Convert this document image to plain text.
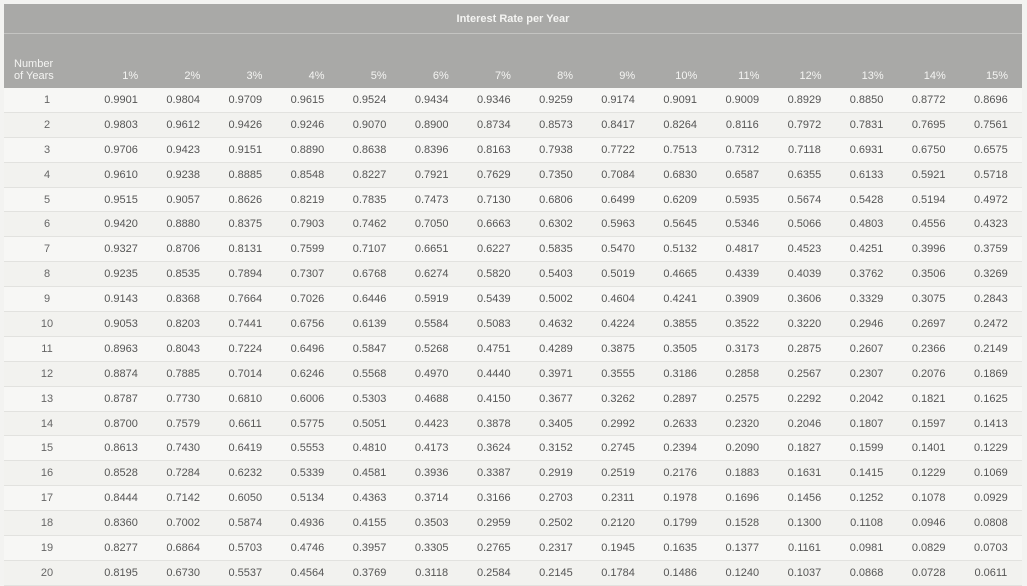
Interest Rate per Year															
Number
of Years	1%	2%	3%	4%	5%	6%	7%	8%	9%	10%	11%	12%	13%	14%	15%
1	0.9901	0.9804	0.9709	0.9615	0.9524	0.9434	0.9346	0.9259	0.9174	0.9091	0.9009	0.8929	0.8850	0.8772	0.8696
2	0.9803	0.9612	0.9426	0.9246	0.9070	0.8900	0.8734	0.8573	0.8417	0.8264	0.8116	0.7972	0.7831	0.7695	0.7561
3	0.9706	0.9423	0.9151	0.8890	0.8638	0.8396	0.8163	0.7938	0.7722	0.7513	0.7312	0.7118	0.6931	0.6750	0.6575
4	0.9610	0.9238	0.8885	0.8548	0.8227	0.7921	0.7629	0.7350	0.7084	0.6830	0.6587	0.6355	0.6133	0.5921	0.5718
5	0.9515	0.9057	0.8626	0.8219	0.7835	0.7473	0.7130	0.6806	0.6499	0.6209	0.5935	0.5674	0.5428	0.5194	0.4972
6	0.9420	0.8880	0.8375	0.7903	0.7462	0.7050	0.6663	0.6302	0.5963	0.5645	0.5346	0.5066	0.4803	0.4556	0.4323
7	0.9327	0.8706	0.8131	0.7599	0.7107	0.6651	0.6227	0.5835	0.5470	0.5132	0.4817	0.4523	0.4251	0.3996	0.3759
8	0.9235	0.8535	0.7894	0.7307	0.6768	0.6274	0.5820	0.5403	0.5019	0.4665	0.4339	0.4039	0.3762	0.3506	0.3269
9	0.9143	0.8368	0.7664	0.7026	0.6446	0.5919	0.5439	0.5002	0.4604	0.4241	0.3909	0.3606	0.3329	0.3075	0.2843
10	0.9053	0.8203	0.7441	0.6756	0.6139	0.5584	0.5083	0.4632	0.4224	0.3855	0.3522	0.3220	0.2946	0.2697	0.2472
11	0.8963	0.8043	0.7224	0.6496	0.5847	0.5268	0.4751	0.4289	0.3875	0.3505	0.3173	0.2875	0.2607	0.2366	0.2149
12	0.8874	0.7885	0.7014	0.6246	0.5568	0.4970	0.4440	0.3971	0.3555	0.3186	0.2858	0.2567	0.2307	0.2076	0.1869
13	0.8787	0.7730	0.6810	0.6006	0.5303	0.4688	0.4150	0.3677	0.3262	0.2897	0.2575	0.2292	0.2042	0.1821	0.1625
14	0.8700	0.7579	0.6611	0.5775	0.5051	0.4423	0.3878	0.3405	0.2992	0.2633	0.2320	0.2046	0.1807	0.1597	0.1413
15	0.8613	0.7430	0.6419	0.5553	0.4810	0.4173	0.3624	0.3152	0.2745	0.2394	0.2090	0.1827	0.1599	0.1401	0.1229
16	0.8528	0.7284	0.6232	0.5339	0.4581	0.3936	0.3387	0.2919	0.2519	0.2176	0.1883	0.1631	0.1415	0.1229	0.1069
17	0.8444	0.7142	0.6050	0.5134	0.4363	0.3714	0.3166	0.2703	0.2311	0.1978	0.1696	0.1456	0.1252	0.1078	0.0929
18	0.8360	0.7002	0.5874	0.4936	0.4155	0.3503	0.2959	0.2502	0.2120	0.1799	0.1528	0.1300	0.1108	0.0946	0.0808
19	0.8277	0.6864	0.5703	0.4746	0.3957	0.3305	0.2765	0.2317	0.1945	0.1635	0.1377	0.1161	0.0981	0.0829	0.0703
20	0.8195	0.6730	0.5537	0.4564	0.3769	0.3118	0.2584	0.2145	0.1784	0.1486	0.1240	0.1037	0.0868	0.0728	0.0611
